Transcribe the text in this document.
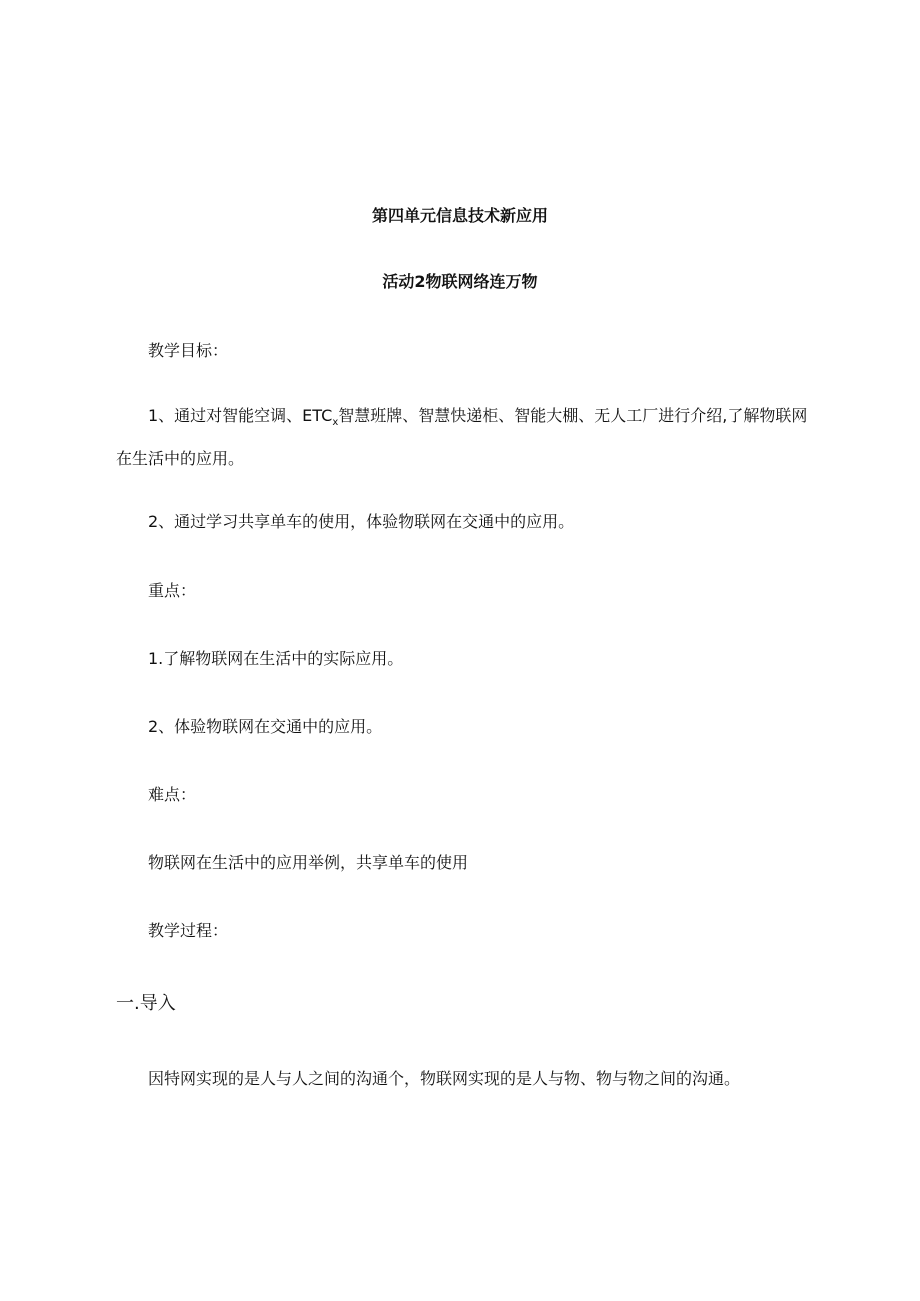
第四单元信息技术新应用
活动2物联网络连万物
教学目标：
1、通过对智能空调、$ETC_x$智慧班牌、智慧快递柜、智能大棚、无人工厂进行介绍,了解物联网在生活中的应用。
2、通过学习共享单车的使用，体验物联网在交通中的应用。
重点：
1.了解物联网在生活中的实际应用。
2、体验物联网在交通中的应用。
难点：
物联网在生活中的应用举例，共享单车的使用
教学过程：
一.导入
因特网实现的是人与人之间的沟通个，物联网实现的是人与物、物与物之间的沟通。
